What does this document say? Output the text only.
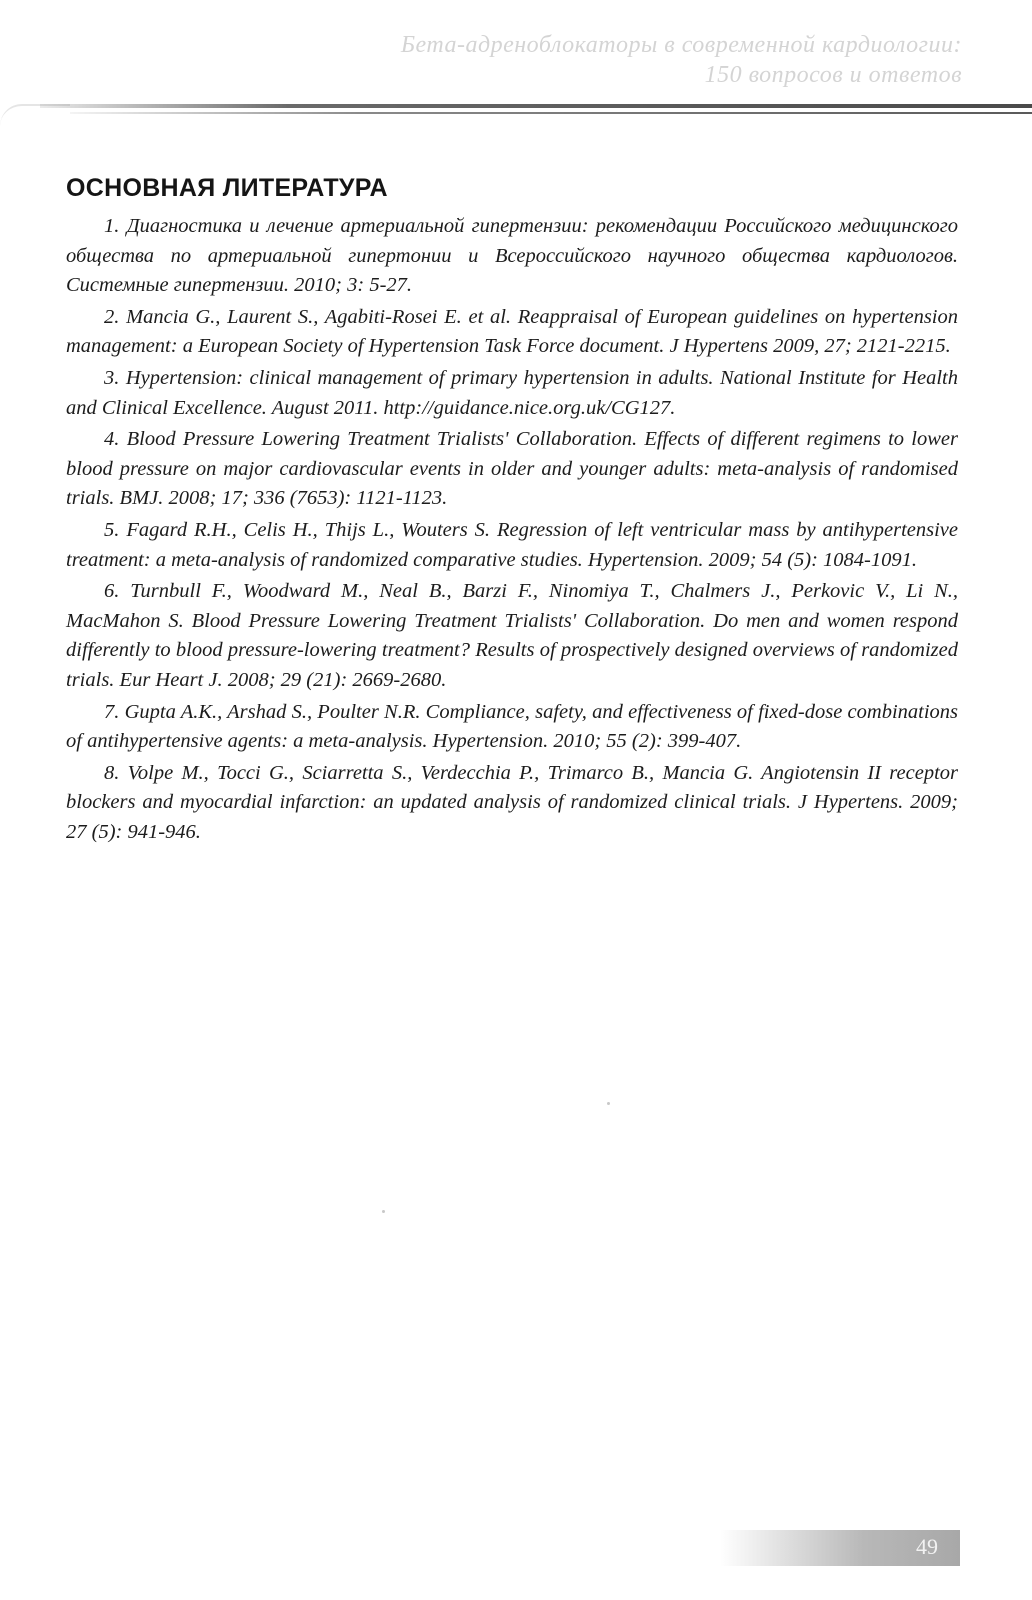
Бета-адреноблокаторы в современной кардиологии:
150 вопросов и ответов
ОСНОВНАЯ ЛИТЕРАТУРА
1. Диагностика и лечение артериальной гипертензии: рекомендации Российского медицинского общества по артериальной гипертонии и Всероссийского научного общества кардиологов. Системные гипертензии. 2010; 3: 5-27.
2. Mancia G., Laurent S., Agabiti-Rosei E. et al. Reappraisal of European guidelines on hypertension management: a European Society of Hypertension Task Force document. J Hypertens 2009, 27; 2121-2215.
3. Hypertension: clinical management of primary hypertension in adults. National Institute for Health and Clinical Excellence. August 2011. http://guidance.nice.org.uk/CG127.
4. Blood Pressure Lowering Treatment Trialists' Collaboration. Effects of different regimens to lower blood pressure on major cardiovascular events in older and younger adults: meta-analysis of randomised trials. BMJ. 2008; 17; 336 (7653): 1121-1123.
5. Fagard R.H., Celis H., Thijs L., Wouters S. Regression of left ventricular mass by antihypertensive treatment: a meta-analysis of randomized comparative studies. Hypertension. 2009; 54 (5): 1084-1091.
6. Turnbull F., Woodward M., Neal B., Barzi F., Ninomiya T., Chalmers J., Perkovic V., Li N., MacMahon S. Blood Pressure Lowering Treatment Trialists' Collaboration. Do men and women respond differently to blood pressure-lowering treatment? Results of prospectively designed overviews of randomized trials. Eur Heart J. 2008; 29 (21): 2669-2680.
7. Gupta A.K., Arshad S., Poulter N.R. Compliance, safety, and effectiveness of fixed-dose combinations of antihypertensive agents: a meta-analysis. Hypertension. 2010; 55 (2): 399-407.
8. Volpe M., Tocci G., Sciarretta S., Verdecchia P., Trimarco B., Mancia G. Angiotensin II receptor blockers and myocardial infarction: an updated analysis of randomized clinical trials. J Hypertens. 2009; 27 (5): 941-946.
49
